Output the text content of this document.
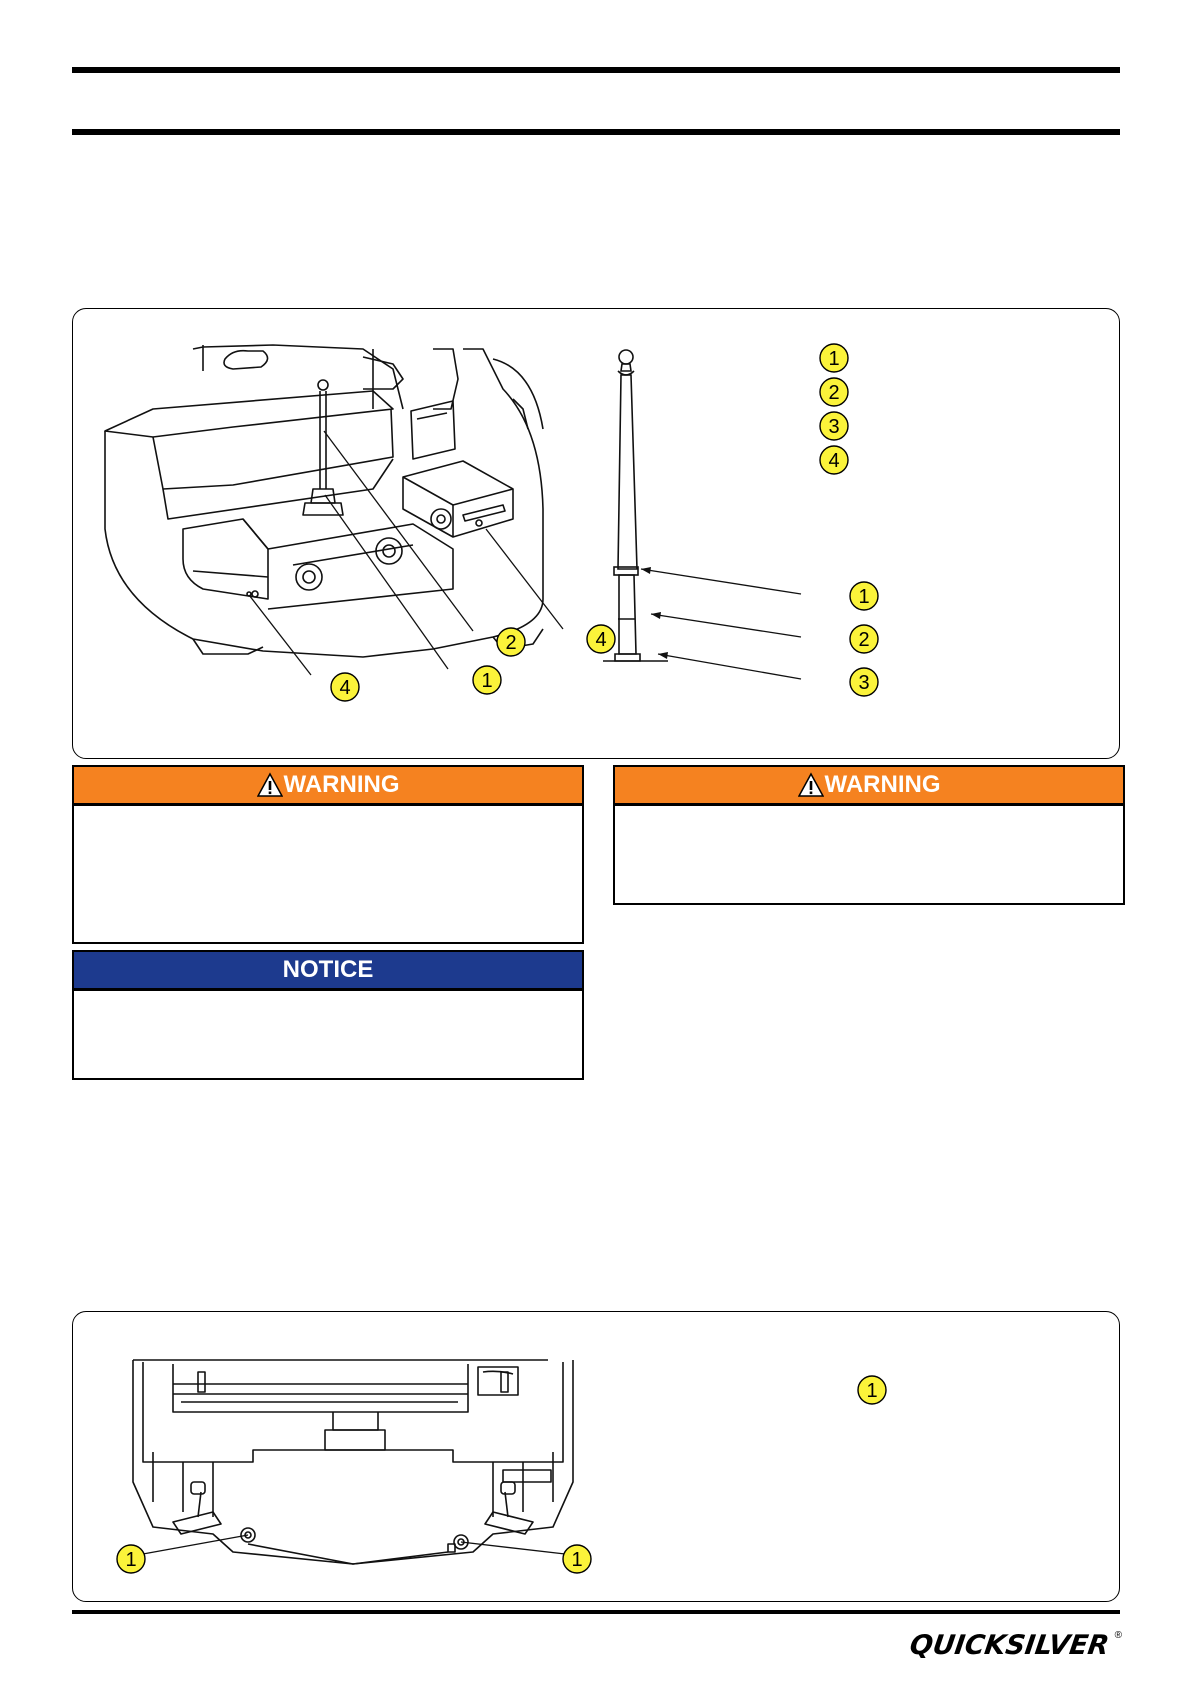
1
2	4
4
1
2
3
4
1
2
3
WARNING	WARNING
NOTICE
1	1
1
QUICKSILVER ®
